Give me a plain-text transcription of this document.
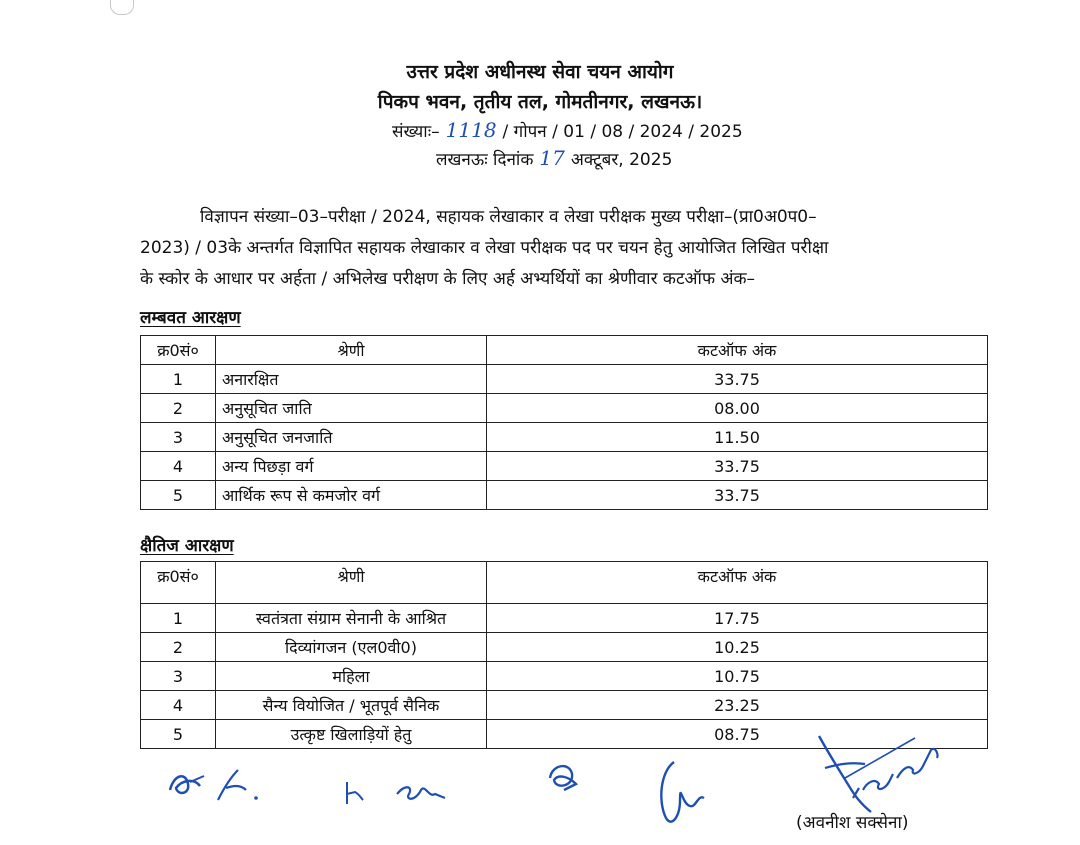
उत्तर प्रदेश अधीनस्थ सेवा चयन आयोग
पिकप भवन, तृतीय तल, गोमतीनगर, लखनऊ।
संख्याः– 1118 / गोपन / 01 / 08 / 2024 / 2025
लखनऊः दिनांक 17 अक्टूबर, 2025
विज्ञापन संख्या–03–परीक्षा / 2024, सहायक लेखाकार व लेखा परीक्षक मुख्य परीक्षा–(प्रा0अ0प0–
2023) / 03के अन्तर्गत विज्ञापित सहायक लेखाकार व लेखा परीक्षक पद पर चयन हेतु आयोजित लिखित परीक्षा
के स्कोर के आधार पर अर्हता / अभिलेख परीक्षण के लिए अर्ह अभ्यर्थियों का श्रेणीवार कटऑफ अंक–
लम्बवत आरक्षण
क्र0सं०	श्रेणी	कटऑफ अंक
1	अनारक्षित	33.75
2	अनुसूचित जाति	08.00
3	अनुसूचित जनजाति	11.50
4	अन्य पिछड़ा वर्ग	33.75
5	आर्थिक रूप से कमजोर वर्ग	33.75
क्षैतिज आरक्षण
क्र0सं०	श्रेणी	कटऑफ अंक
1	स्वतंत्रता संग्राम सेनानी के आश्रित	17.75
2	दिव्यांगजन (एल0वी0)	10.25
3	महिला	10.75
4	सैन्य वियोजित / भूतपूर्व सैनिक	23.25
5	उत्कृष्ट खिलाड़ियों हेतु	08.75
(अवनीश सक्सेना)
